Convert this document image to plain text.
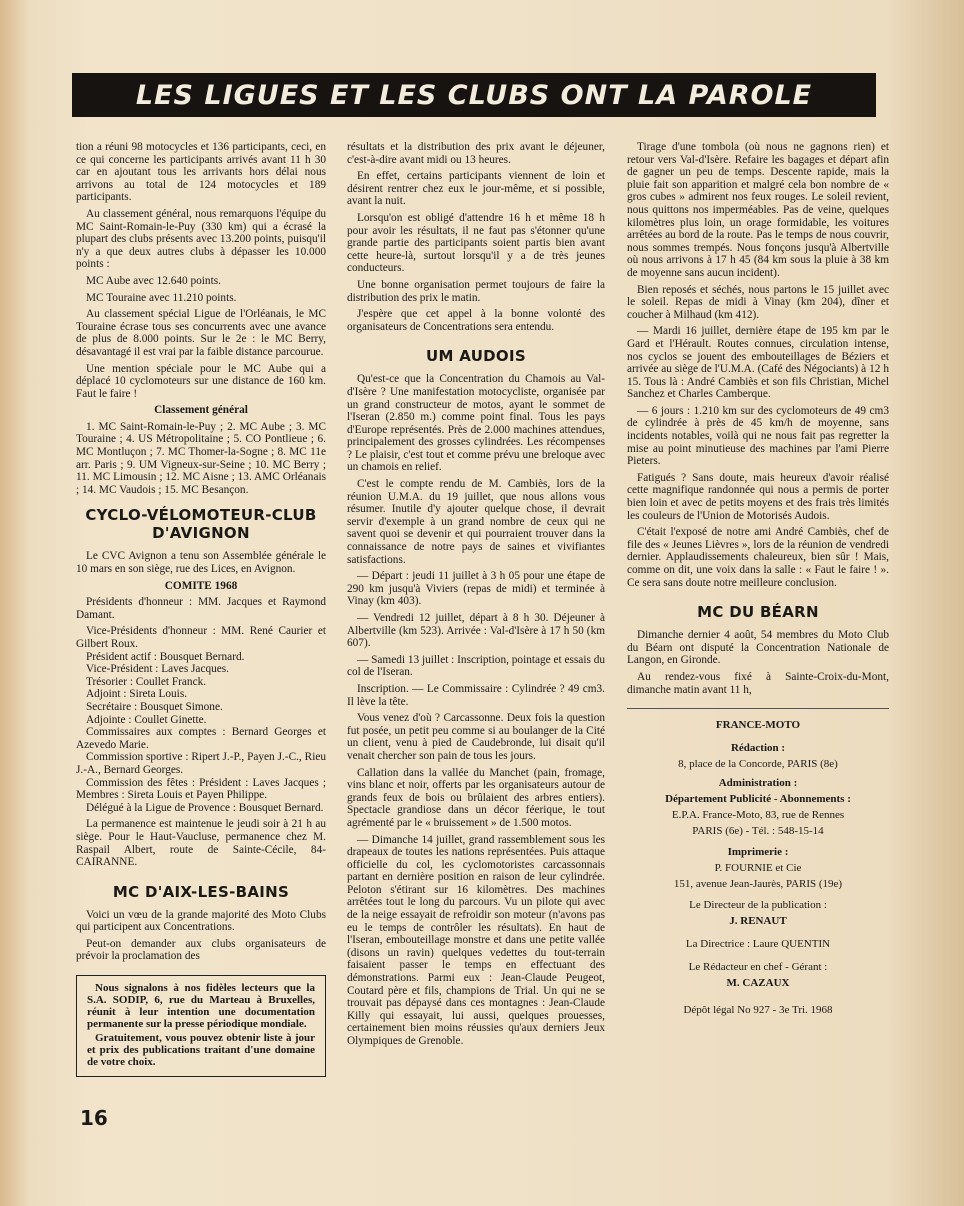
LES LIGUES ET LES CLUBS ONT LA PAROLE

tion a réuni 98 motocycles et 136 participants, ceci, en ce qui concerne les participants arrivés avant 11 h 30 car en ajoutant tous les arrivants hors délai nous arrivons au total de 124 motocycles et 189 participants.

Au classement général, nous remarquons l'équipe du MC Saint-Romain-le-Puy (330 km) qui a écrasé la plupart des clubs présents avec 13.200 points, puisqu'il n'y a que deux autres clubs à dépasser les 10.000 points :

MC Aube avec 12.640 points.

MC Touraine avec 11.210 points.

Au classement spécial Ligue de l'Orléanais, le MC Touraine écrase tous ses concurrents avec une avance de plus de 8.000 points. Sur le 2e : le MC Berry, désavantagé il est vrai par la faible distance parcourue.

Une mention spéciale pour le MC Aube qui a déplacé 10 cyclomoteurs sur une distance de 160 km. Faut le faire !

Classement général

1. MC Saint-Romain-le-Puy ; 2. MC Aube ; 3. MC Touraine ; 4. US Métropolitaine ; 5. CO Pontlieue ; 6. MC Montluçon ; 7. MC Thomer-la-Sogne ; 8. MC 11e arr. Paris ; 9. UM Vigneux-sur-Seine ; 10. MC Berry ; 11. MC Limousin ; 12. MC Aisne ; 13. AMC Orléanais ; 14. MC Vaudois ; 15. MC Besançon.

CYCLO-VÉLOMOTEUR-CLUB D'AVIGNON

Le CVC Avignon a tenu son Assemblée générale le 10 mars en son siège, rue des Lices, en Avignon.

COMITE 1968

Présidents d'honneur : MM. Jacques et Raymond Damant.

Vice-Présidents d'honneur : MM. René Caurier et Gilbert Roux.

Président actif : Bousquet Bernard.

Vice-Président : Laves Jacques.

Trésorier : Coullet Franck.

Adjoint : Sireta Louis.

Secrétaire : Bousquet Simone.

Adjointe : Coullet Ginette.

Commissaires aux comptes : Bernard Georges et Azevedo Marie.

Commission sportive : Ripert J.-P., Payen J.-C., Rieu J.-A., Bernard Georges.

Commission des fêtes : Président : Laves Jacques ; Membres : Sireta Louis et Payen Philippe.

Délégué à la Ligue de Provence : Bousquet Bernard.

La permanence est maintenue le jeudi soir à 21 h au siège. Pour le Haut-Vaucluse, permanence chez M. Raspail Albert, route de Sainte-Cécile, 84-CAIRANNE.

MC D'AIX-LES-BAINS

Voici un vœu de la grande majorité des Moto Clubs qui participent aux Concentrations.

Peut-on demander aux clubs organisateurs de prévoir la proclamation des

Nous signalons à nos fidèles lecteurs que la S.A. SODIP, 6, rue du Marteau à Bruxelles, réunit à leur intention une documentation permanente sur la presse périodique mondiale.

Gratuitement, vous pouvez obtenir liste à jour et prix des publications traitant d'une domaine de votre choix.

résultats et la distribution des prix avant le déjeuner, c'est-à-dire avant midi ou 13 heures.

En effet, certains participants viennent de loin et désirent rentrer chez eux le jour-même, et si possible, avant la nuit.

Lorsqu'on est obligé d'attendre 16 h et même 18 h pour avoir les résultats, il ne faut pas s'étonner qu'une grande partie des participants soient partis bien avant cette heure-là, surtout lorsqu'il y a de très jeunes conducteurs.

Une bonne organisation permet toujours de faire la distribution des prix le matin.

J'espère que cet appel à la bonne volonté des organisateurs de Concentrations sera entendu.

UM AUDOIS

Qu'est-ce que la Concentration du Chamois au Val-d'Isère ? Une manifestation motocycliste, organisée par un grand constructeur de motos, ayant le sommet de l'Iseran (2.850 m.) comme point final. Tous les pays d'Europe représentés. Près de 2.000 machines attendues, principalement des grosses cylindrées. Les récompenses ? Le plaisir, c'est tout et comme prévu une breloque avec un chamois en relief.

C'est le compte rendu de M. Cambiès, lors de la réunion U.M.A. du 19 juillet, que nous allons vous résumer. Inutile d'y ajouter quelque chose, il devrait servir d'exemple à un grand nombre de ceux qui ne savent quoi se devenir et qui pourraient trouver dans la connaissance de notre pays de saines et vivifiantes satisfactions.

— Départ : jeudi 11 juillet à 3 h 05 pour une étape de 290 km jusqu'à Viviers (repas de midi) et terminée à Vinay (km 403).

— Vendredi 12 juillet, départ à 8 h 30. Déjeuner à Albertville (km 523). Arrivée : Val-d'Isère à 17 h 50 (km 607).

— Samedi 13 juillet : Inscription, pointage et essais du col de l'Iseran.

Inscription. — Le Commissaire : Cylindrée ? 49 cm3. Il lève la tête.

Vous venez d'où ? Carcassonne. Deux fois la question fut posée, un petit peu comme si au boulanger de la Cité un client, venu à pied de Caudebronde, lui disait qu'il venait chercher son pain de tous les jours.

Callation dans la vallée du Manchet (pain, fromage, vins blanc et noir, offerts par les organisateurs autour de grands feux de bois ou brûlaient des arbres entiers). Spectacle grandiose dans un décor féerique, le tout agrémenté par le « bruissement » de 1.500 motos.

— Dimanche 14 juillet, grand rassemblement sous les drapeaux de toutes les nations représentées. Puis attaque officielle du col, les cyclomotoristes carcassonnais partant en dernière position en raison de leur cylindrée. Peloton s'étirant sur 16 kilomètres. Des machines arrêtées tout le long du parcours. Vu un pilote qui avec de la neige essayait de refroidir son moteur (n'avons pas eu le temps de contrôler les résultats). En haut de l'Iseran, embouteillage monstre et dans une petite vallée (disons un ravin) quelques vedettes du tout-terrain faisaient passer le temps en effectuant des démonstrations. Parmi eux : Jean-Claude Peugeot, Coutard père et fils, champions de Trial. Un qui ne se trouvait pas dépaysé dans ces montagnes : Jean-Claude Killy qui essayait, lui aussi, quelques prouesses, certainement bien moins réussies qu'aux derniers Jeux Olympiques de Grenoble.

Tirage d'une tombola (où nous ne gagnons rien) et retour vers Val-d'Isère. Refaire les bagages et départ afin de gagner un peu de temps. Descente rapide, mais la pluie fait son apparition et malgré cela bon nombre de « gros cubes » admirent nos feux rouges. Le soleil revient, nous quittons nos imperméables. Pas de veine, quelques kilomètres plus loin, un orage formidable, les voitures arrêtées au bord de la route. Pas le temps de nous couvrir, nous sommes trempés. Nous fonçons jusqu'à Albertville où nous arrivons à 17 h 45 (84 km sous la pluie à 38 km de moyenne sans aucun incident).

Bien reposés et séchés, nous partons le 15 juillet avec le soleil. Repas de midi à Vinay (km 204), dîner et coucher à Milhaud (km 412).

— Mardi 16 juillet, dernière étape de 195 km par le Gard et l'Hérault. Routes connues, circulation intense, nos cyclos se jouent des embouteillages de Béziers et arrivée au siège de l'U.M.A. (Café des Négociants) à 12 h 15. Tous là : André Cambiès et son fils Christian, Michel Sanchez et Charles Camberque.

— 6 jours : 1.210 km sur des cyclomoteurs de 49 cm3 de cylindrée à près de 45 km/h de moyenne, sans incidents notables, voilà qui ne nous fait pas regretter la mise au point minutieuse des machines par l'ami Pierre Pieters.

Fatigués ? Sans doute, mais heureux d'avoir réalisé cette magnifique randonnée qui nous a permis de porter bien loin et avec de petits moyens et des frais très limités les couleurs de l'Union de Motorisés Audois.

C'était l'exposé de notre ami André Cambiès, chef de file des « Jeunes Lièvres », lors de la réunion de vendredi dernier. Applaudissements chaleureux, bien sûr ! Mais, comme on dit, une voix dans la salle : « Faut le faire ! ». Ce sera sans doute notre meilleure conclusion.

MC DU BÉARN

Dimanche dernier 4 août, 54 membres du Moto Club du Béarn ont disputé la Concentration Nationale de Langon, en Gironde.

Au rendez-vous fixé à Sainte-Croix-du-Mont, dimanche matin avant 11 h,

FRANCE-MOTO

Rédaction :

8, place de la Concorde, PARIS (8e)

Administration :

Département Publicité - Abonnements :

E.P.A. France-Moto, 83, rue de Rennes

PARIS (6e) - Tél. : 548-15-14

Imprimerie :

P. FOURNIE et Cie

151, avenue Jean-Jaurès, PARIS (19e)

Le Directeur de la publication :

J. RENAUT

La Directrice : Laure QUENTIN

Le Rédacteur en chef - Gérant :

M. CAZAUX

Dépôt légal No 927 - 3e Tri. 1968

16
